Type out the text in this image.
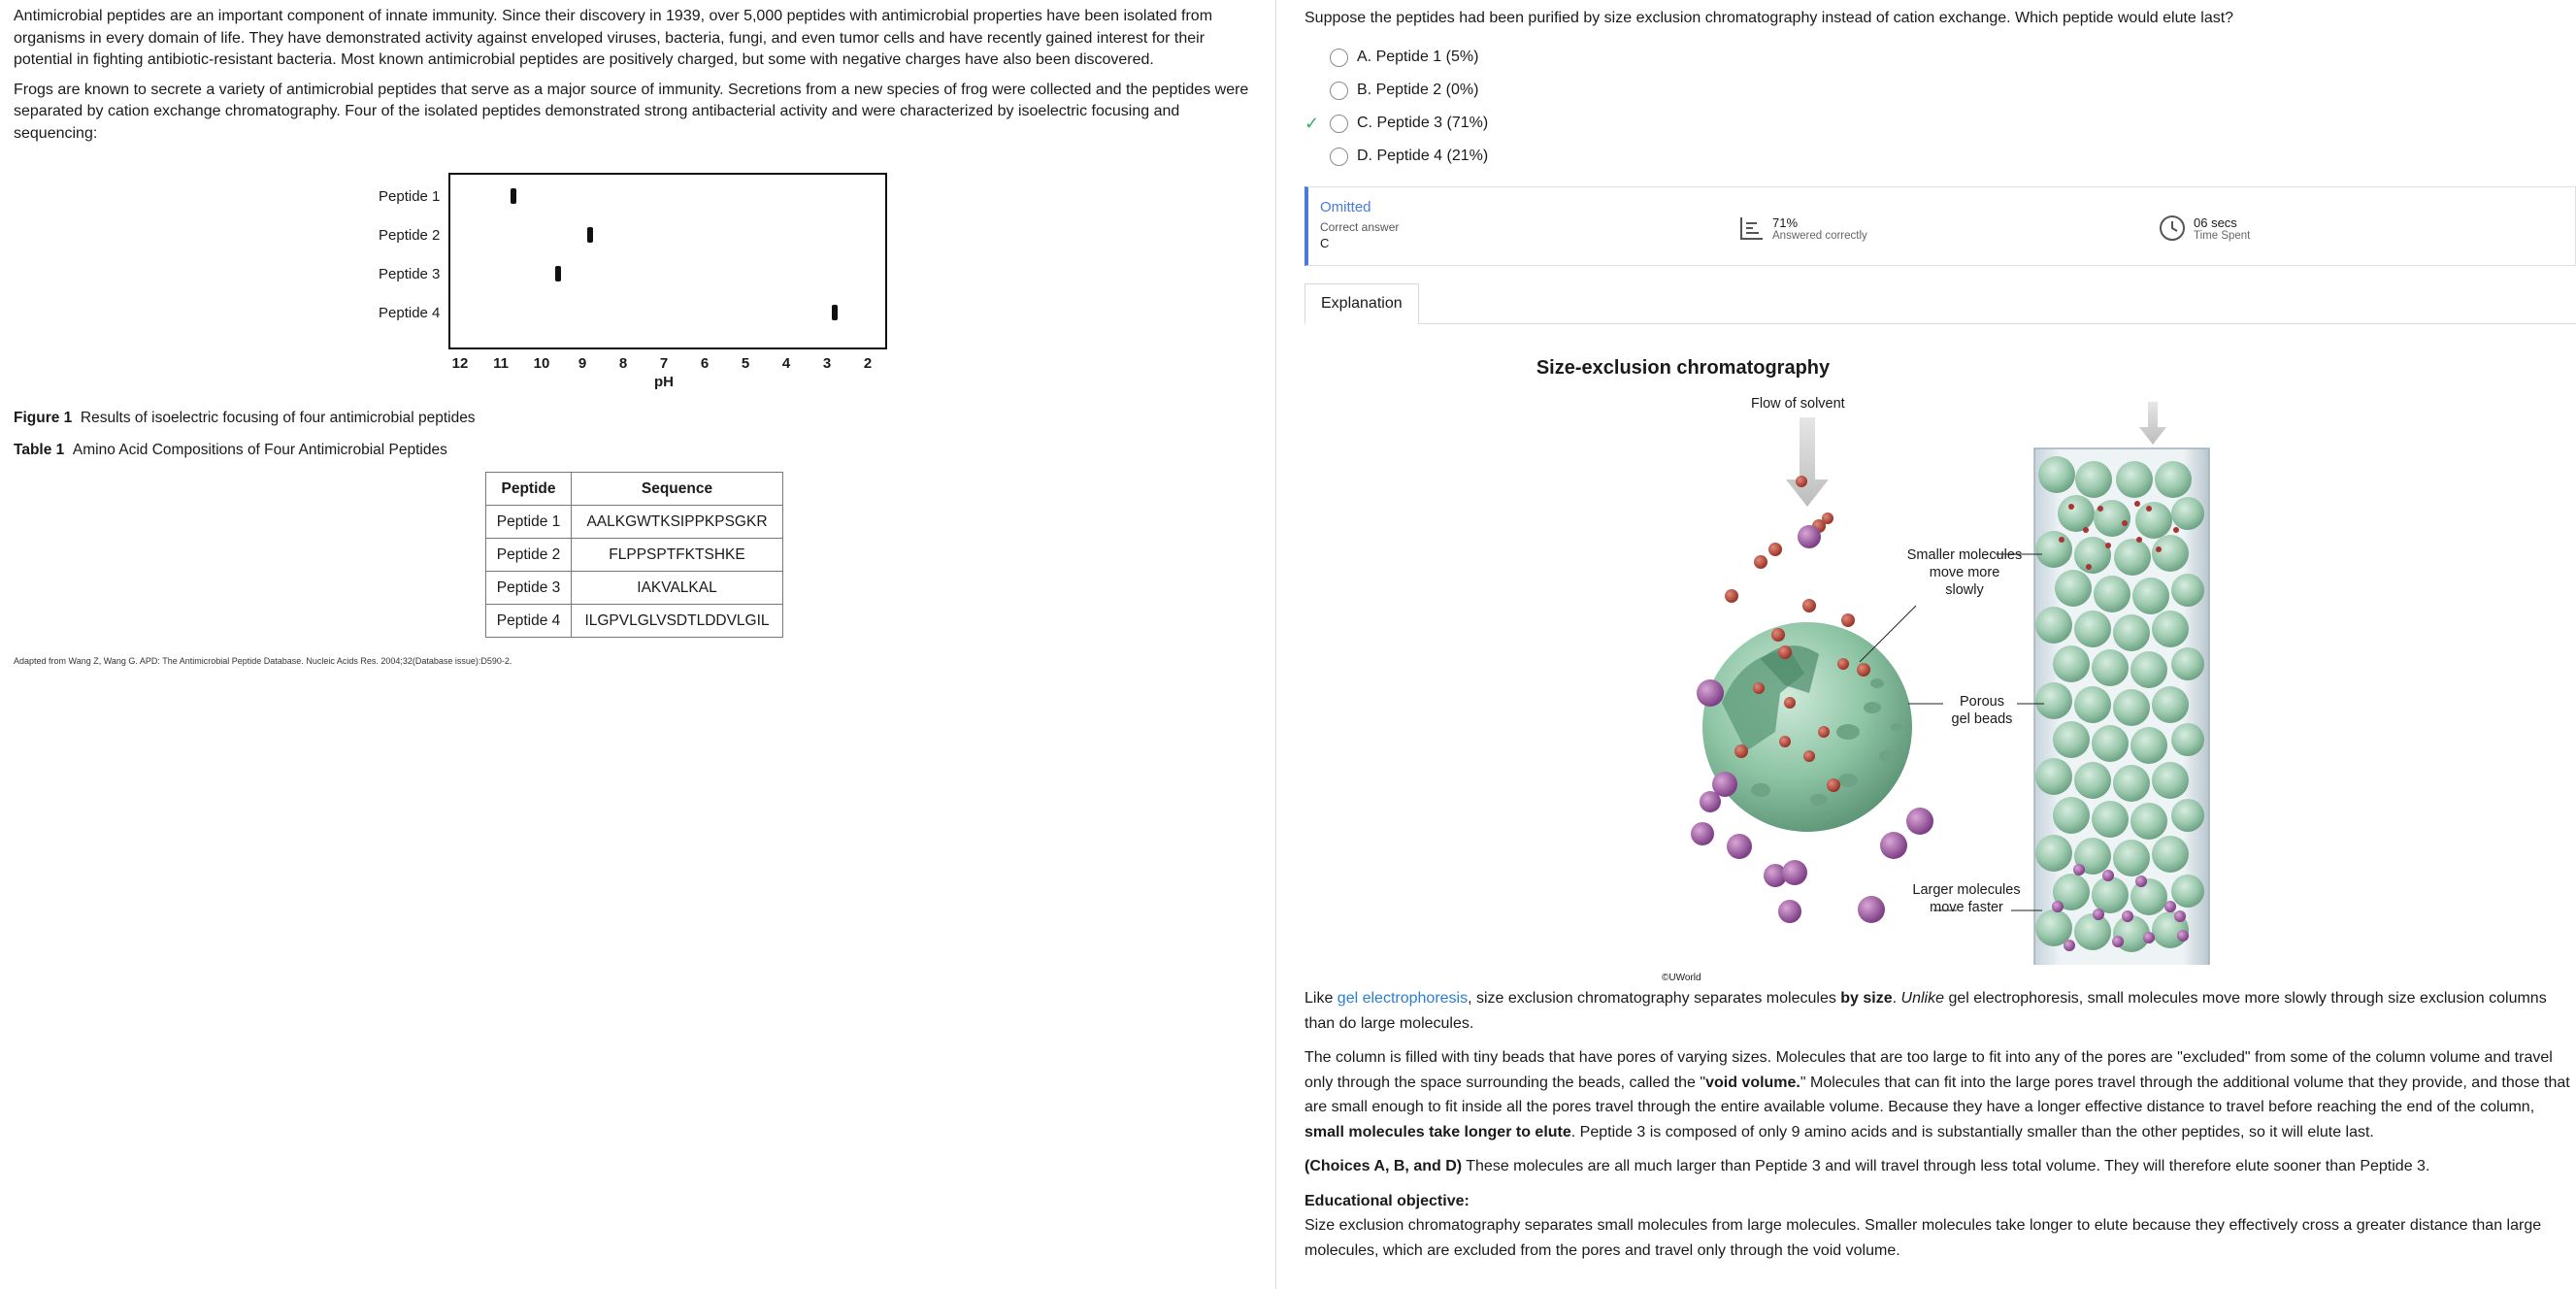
Antimicrobial peptides are an important component of innate immunity. Since their discovery in 1939, over 5,000 peptides with antimicrobial properties have been isolated from organisms in every domain of life. They have demonstrated activity against enveloped viruses, bacteria, fungi, and even tumor cells and have recently gained interest for their potential in fighting antibiotic-resistant bacteria. Most known antimicrobial peptides are positively charged, but some with negative charges have also been discovered.

Frogs are known to secrete a variety of antimicrobial peptides that serve as a major source of immunity. Secretions from a new species of frog were collected and the peptides were separated by cation exchange chromatography. Four of the isolated peptides demonstrated strong antibacterial activity and were characterized by isoelectric focusing and sequencing:

pH
12	11	10	9	8	7	6	5	4	3	2
Peptide 1
Peptide 2
Peptide 3
Peptide 4
Figure 1 Results of isoelectric focusing of four antimicrobial peptides
Table 1 Amino Acid Compositions of Four Antimicrobial Peptides
Peptide	Sequence
Peptide 1	AALKGWTKSIPPKPSGKR
Peptide 2	FLPPSPTFKTSHKE
Peptide 3	IAKVALKAL
Peptide 4	ILGPVLGLVSDTLDDVLGIL
Adapted from Wang Z, Wang G. APD: The Antimicrobial Peptide Database. Nucleic Acids Res. 2004;32(Database issue):D590-2.
Suppose the peptides had been purified by size exclusion chromatography instead of cation exchange. Which peptide would elute last?
A.
Peptide 1 (5%)
B.
Peptide 2 (0%)
✓ C.
Peptide 3 (71%)
D.
Peptide 4 (21%)
Omitted
Correct answer
C
71%
Answered correctly
06 secs
Time Spent
Explanation
Size-exclusion chromatography
Flow of solvent
Smaller molecules
move more
slowly
Porous
gel beads
Larger molecules
move faster
©UWorld

Like gel electrophoresis, size exclusion chromatography separates molecules by size. Unlike gel electrophoresis, small molecules move more slowly through size exclusion columns than do large molecules.

The column is filled with tiny beads that have pores of varying sizes. Molecules that are too large to fit into any of the pores are "excluded" from some of the column volume and travel only through the space surrounding the beads, called the "void volume." Molecules that can fit into the large pores travel through the additional volume that they provide, and those that are small enough to fit inside all the pores travel through the entire available volume. Because they have a longer effective distance to travel before reaching the end of the column, small molecules take longer to elute. Peptide 3 is composed of only 9 amino acids and is substantially smaller than the other peptides, so it will elute last.

(Choices A, B, and D) These molecules are all much larger than Peptide 3 and will travel through less total volume. They will therefore elute sooner than Peptide 3.

Educational objective:

Size exclusion chromatography separates small molecules from large molecules. Smaller molecules take longer to elute because they effectively cross a greater distance than large molecules, which are excluded from the pores and travel only through the void volume.
